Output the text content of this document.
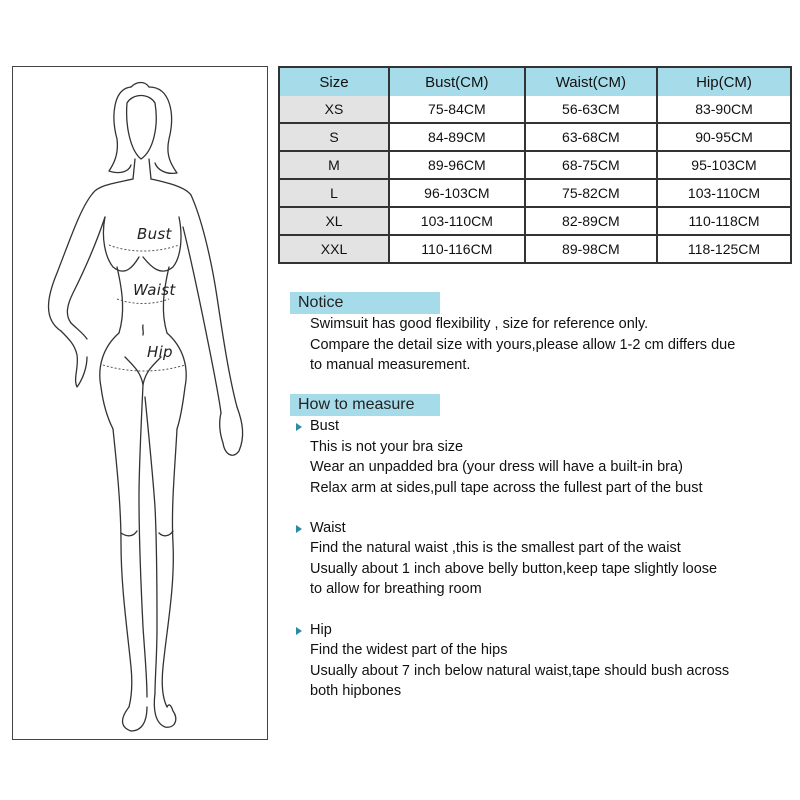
Bust
Waist
Hip
Size	Bust(CM)	Waist(CM)	Hip(CM)
XS	75-84CM	56-63CM	83-90CM
S	84-89CM	63-68CM	90-95CM
M	89-96CM	68-75CM	95-103CM
L	96-103CM	75-82CM	103-110CM
XL	103-110CM	82-89CM	110-118CM
XXL	110-116CM	89-98CM	118-125CM
Notice
Swimsuit has good flexibility , size for reference only.
Compare the detail size with yours,please allow 1-2 cm differs due
to manual measurement.
How to measure
Bust
This is not your bra size
Wear an unpadded bra (your dress will have a built-in bra)
Relax arm at sides,pull tape across the fullest part of the bust
Waist
Find the natural waist ,this is the smallest part of the waist
Usually about 1 inch above belly button,keep tape slightly loose
to allow for breathing room
Hip
Find the widest part of the hips
Usually about 7 inch below natural waist,tape should bush across
both hipbones
